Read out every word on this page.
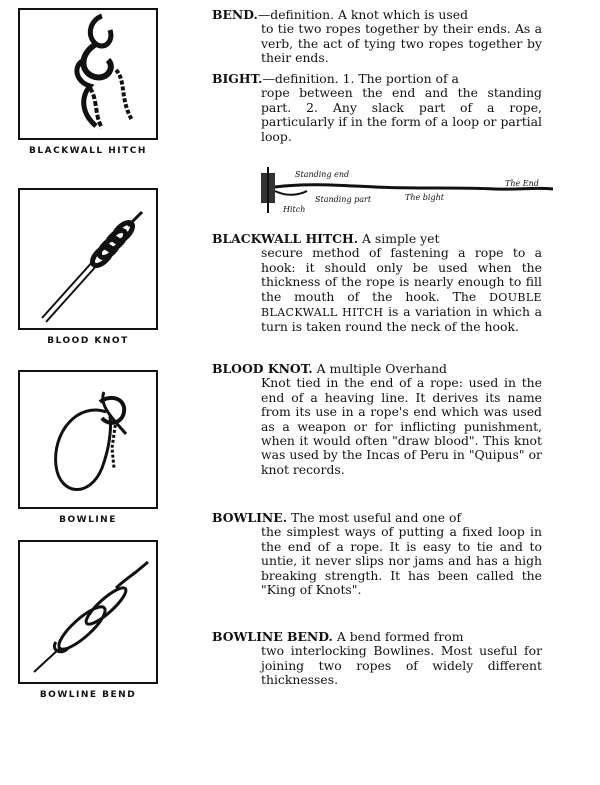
BLACKWALL HITCH
BLOOD KNOT
BOWLINE
BOWLINE BEND
Standing end
Standing part
Hitch
The bight
The End
BEND.—definition. A knot which is used
to tie two ropes together by their ends. As a verb, the act of tying two ropes together by their ends.
BIGHT.—definition. 1. The portion of a
rope between the end and the standing part. 2. Any slack part of a rope, particularly if in the form of a loop or partial loop.
BLACKWALL HITCH. A simple yet
secure method of fastening a rope to a hook: it should only be used when the thickness of the rope is nearly enough to fill the mouth of the hook. The DOUBLE BLACKWALL HITCH is a variation in which a turn is taken round the neck of the hook.
BLOOD KNOT. A multiple Overhand
Knot tied in the end of a rope: used in the end of a heaving line. It derives its name from its use in a rope's end which was used as a weapon or for inflicting punishment, when it would often "draw blood". This knot was used by the Incas of Peru in "Quipus" or knot records.
BOWLINE. The most useful and one of
the simplest ways of putting a fixed loop in the end of a rope. It is easy to tie and to untie, it never slips nor jams and has a high breaking strength. It has been called the "King of Knots".
BOWLINE BEND. A bend formed from
two interlocking Bowlines. Most useful for joining two ropes of widely different thicknesses.
